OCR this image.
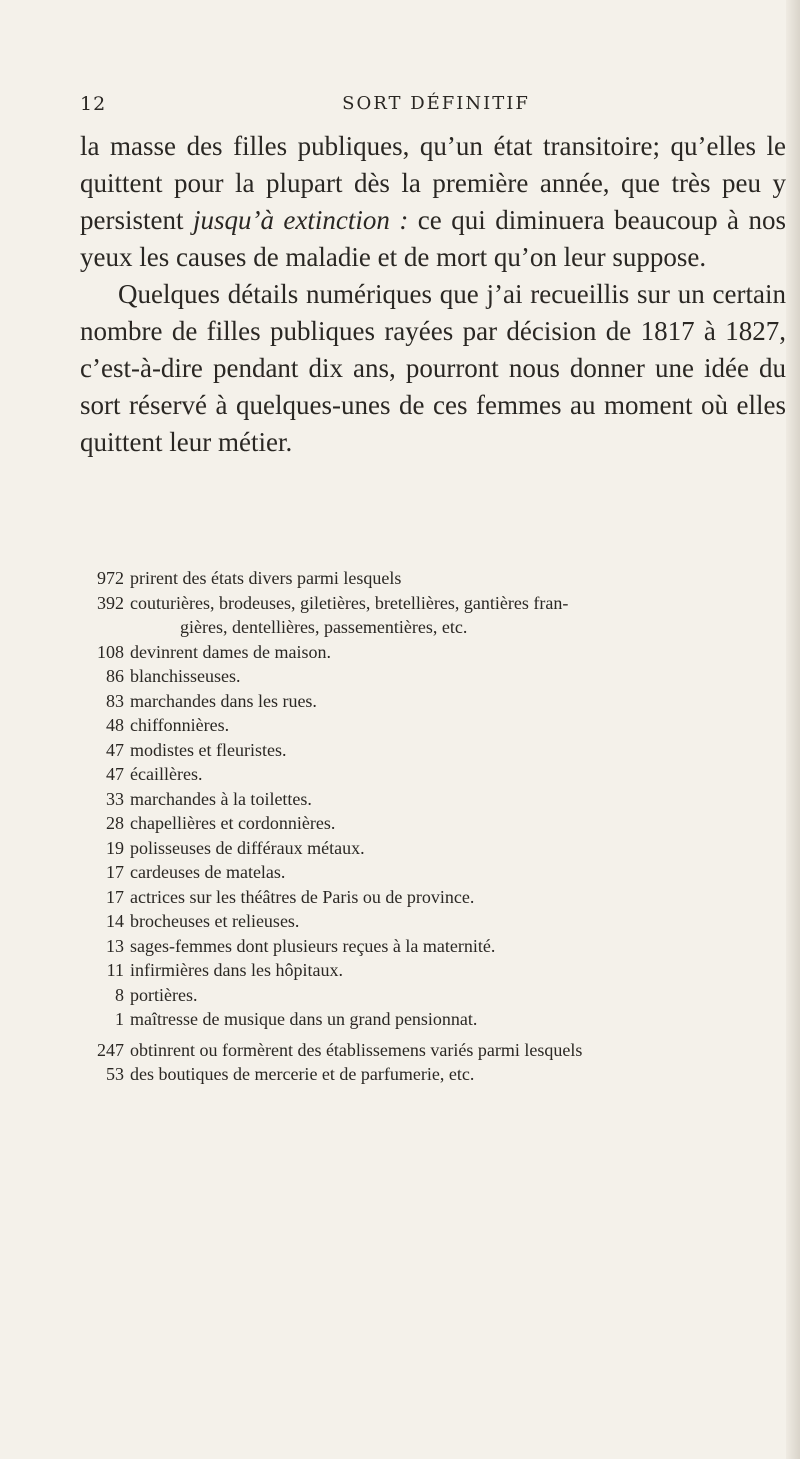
12	SORT DÉFINITIF

la masse des filles publiques, qu’un état transitoire; qu’elles le quittent pour la plupart dès la première année, que très peu y persistent jusqu’à extinction : ce qui diminuera beaucoup à nos yeux les causes de maladie et de mort qu’on leur suppose.

Quelques détails numériques que j’ai recueillis sur un certain nombre de filles publiques rayées par décision de 1817 à 1827, c’est-à-dire pendant dix ans, pourront nous donner une idée du sort réservé à quelques-unes de ces femmes au moment où elles quittent leur métier.

972 prirent des états divers parmi lesquels
392 couturières, brodeuses, giletières, bretellières, gantières fran-
gières, dentellières, passementières, etc.
108 devinrent dames de maison.
86 blanchisseuses.
83 marchandes dans les rues.
48 chiffonnières.
47 modistes et fleuristes.
47 écaillères.
33 marchandes à la toilettes.
28 chapellières et cordonnières.
19 polisseuses de différaux métaux.
17 cardeuses de matelas.
17 actrices sur les théâtres de Paris ou de province.
14 brocheuses et relieuses.
13 sages-femmes dont plusieurs reçues à la maternité.
11 infirmières dans les hôpitaux.
8 portières.
1 maîtresse de musique dans un grand pensionnat.
247 obtinrent ou formèrent des établissemens variés parmi lesquels
53 des boutiques de mercerie et de parfumerie, etc.
